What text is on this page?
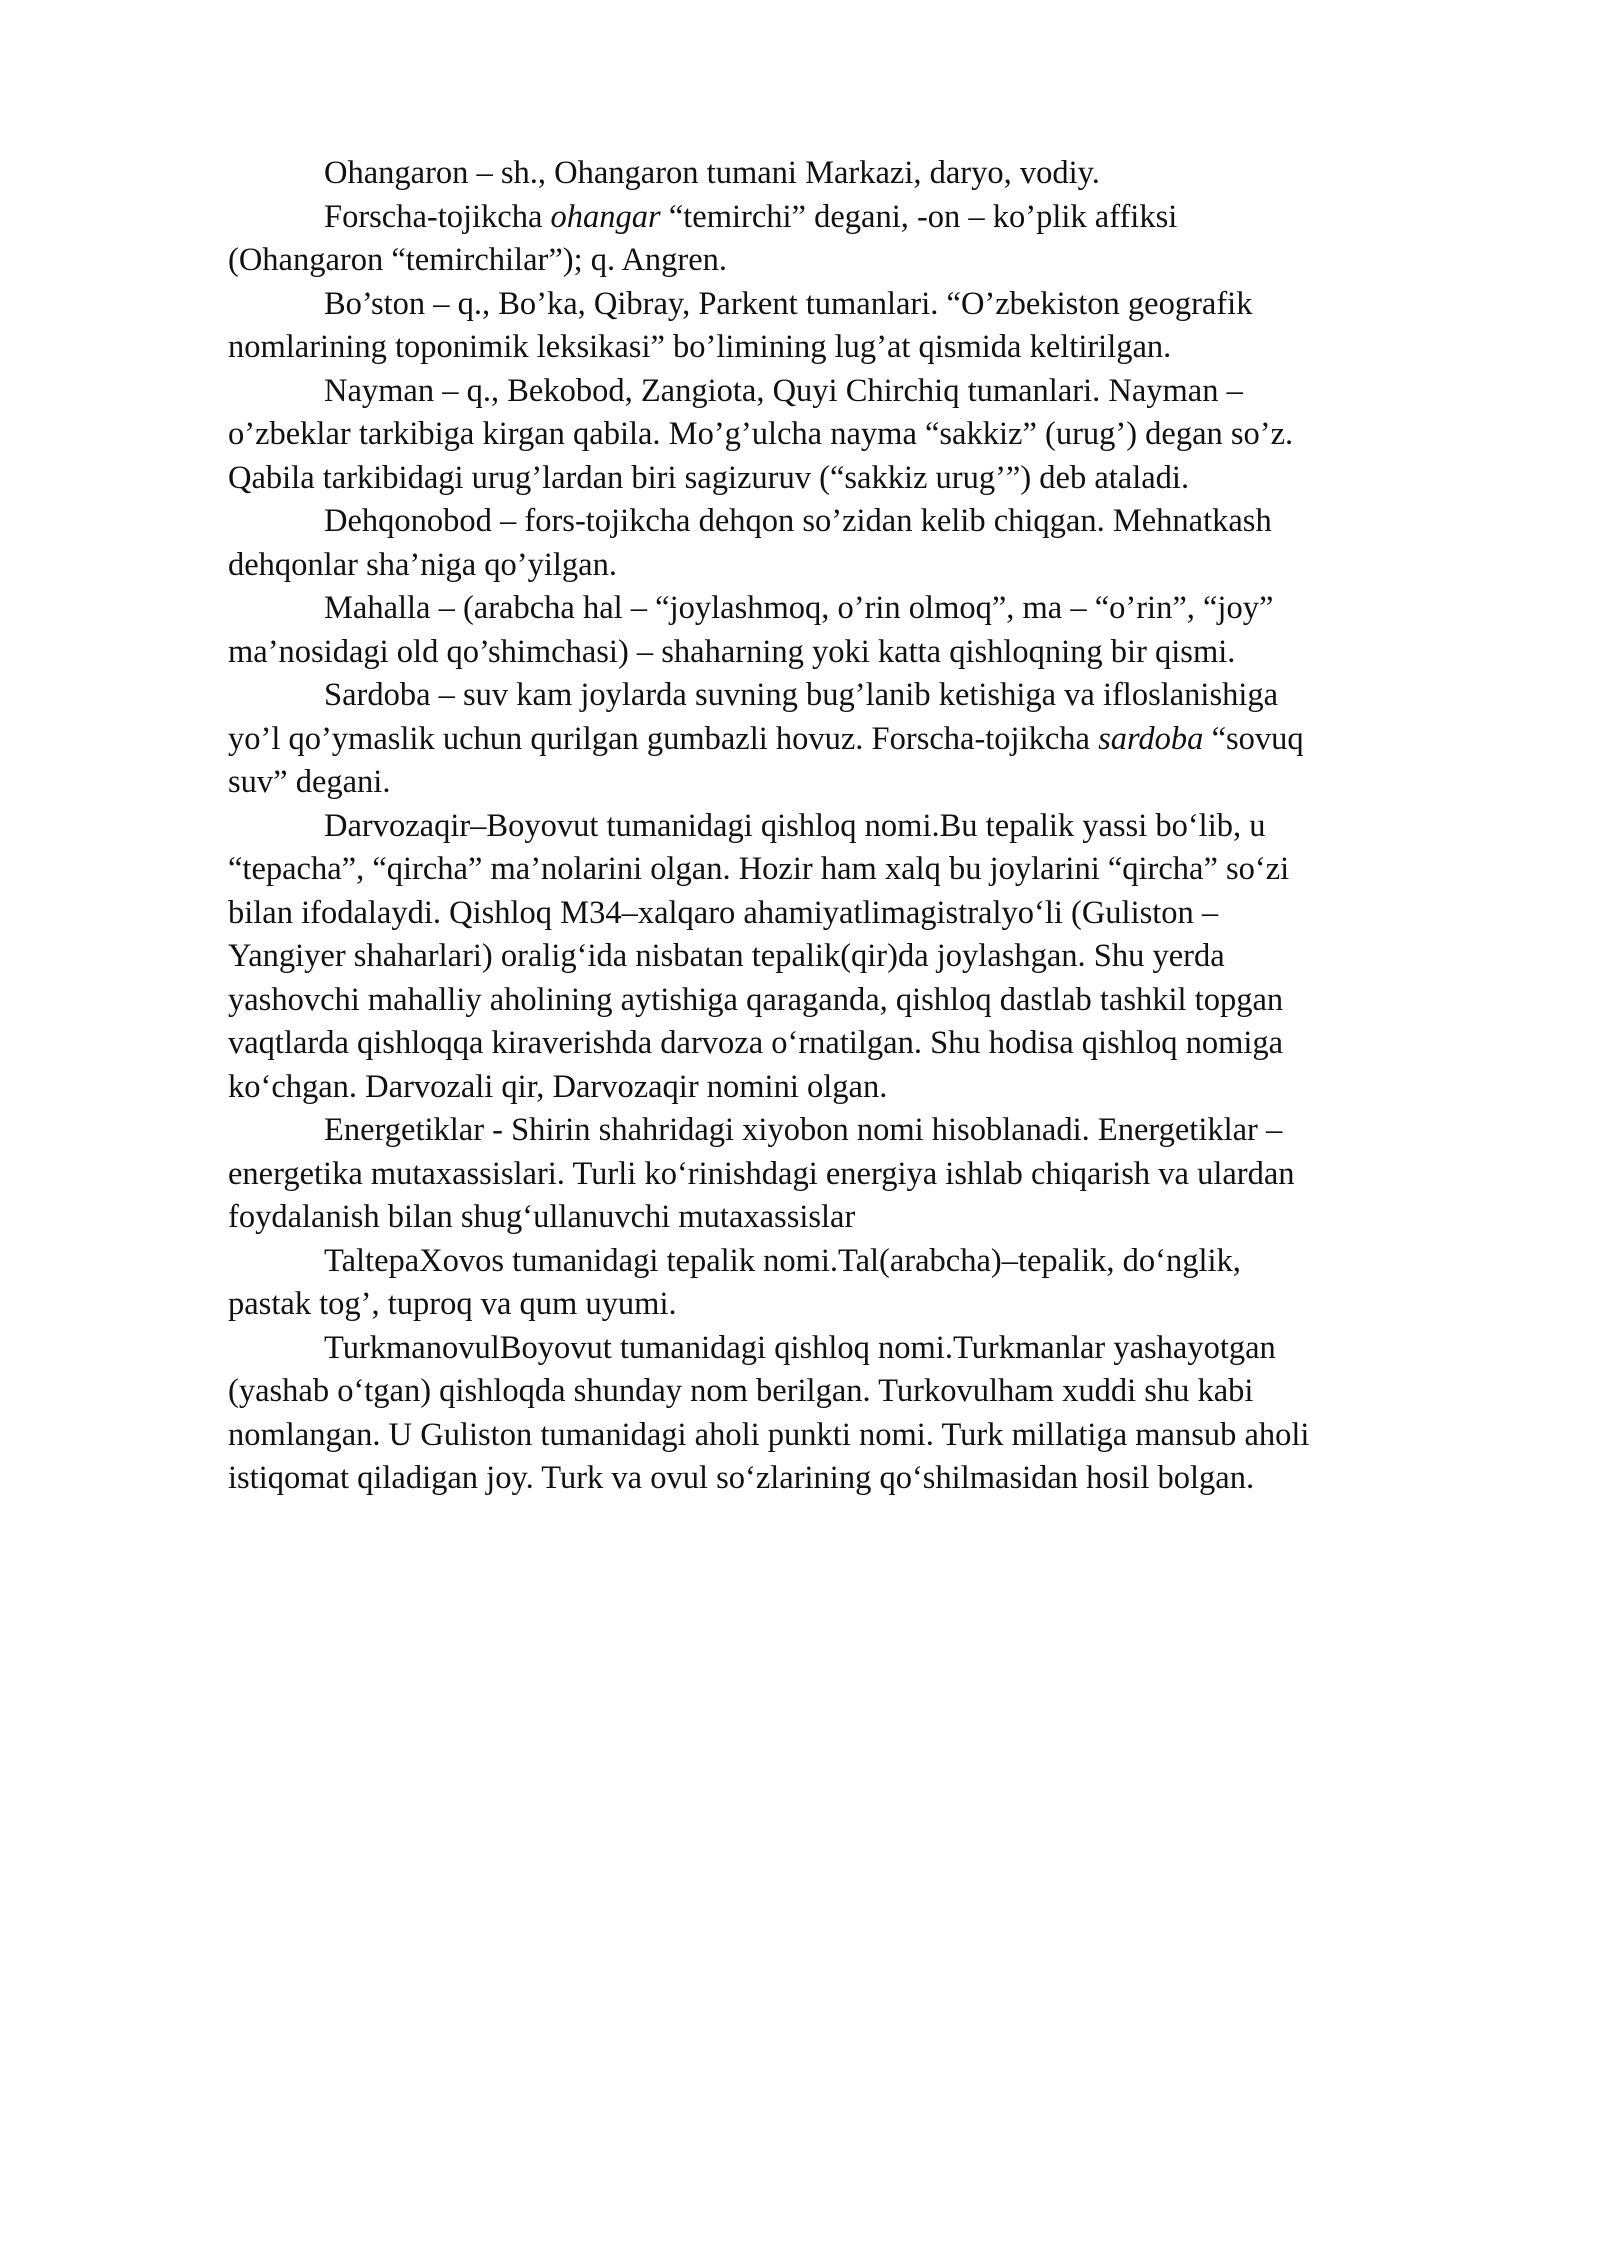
Ohangaron – sh., Ohangaron tumani Markazi, daryo, vodiy.

Forscha-tojikcha ohangar “temirchi” degani, -on – ko’plik affiksi
(Ohangaron “temirchilar”); q. Angren.

Bo’ston – q., Bo’ka, Qibray, Parkent tumanlari. “O’zbekiston geografik
nomlarining toponimik leksikasi” bo’limining lug’at qismida keltirilgan.

Nayman – q., Bekobod, Zangiota, Quyi Chirchiq tumanlari. Nayman –
o’zbeklar tarkibiga kirgan qabila. Mo’g’ulcha nayma “sakkiz” (urug’) degan so’z.
Qabila tarkibidagi urug’lardan biri sagizuruv (“sakkiz urug’”) deb ataladi.

Dehqonobod – fors-tojikcha dehqon so’zidan kelib chiqgan. Mehnatkash
dehqonlar sha’niga qo’yilgan.

Mahalla – (arabcha hal – “joylashmoq, o’rin olmoq”, ma – “o’rin”, “joy”
ma’nosidagi old qo’shimchasi) – shaharning yoki katta qishloqning bir qismi.

Sardoba – suv kam joylarda suvning bug’lanib ketishiga va ifloslanishiga
yo’l qo’ymaslik uchun qurilgan gumbazli hovuz. Forscha-tojikcha sardoba “sovuq
suv” degani.

Darvozaqir–Boyovut tumanidagi qishloq nomi.Bu tepalik yassi bo‘lib, u
“tepacha”, “qircha” ma’nolarini olgan. Hozir ham xalq bu joylarini “qircha” so‘zi
bilan ifodalaydi. Qishloq M34–xalqaro ahamiyatlimagistralyo‘li (Guliston –
Yangiyer shaharlari) oralig‘ida nisbatan tepalik(qir)da joylashgan. Shu yerda
yashovchi mahalliy aholining aytishiga qaraganda, qishloq dastlab tashkil topgan
vaqtlarda qishloqqa kiraverishda darvoza o‘rnatilgan. Shu hodisa qishloq nomiga
ko‘chgan. Darvozali qir, Darvozaqir nomini olgan.

Energetiklar - Shirin shahridagi xiyobon nomi hisoblanadi. Energetiklar –
energetika mutaxassislari. Turli ko‘rinishdagi energiya ishlab chiqarish va ulardan
foydalanish bilan shug‘ullanuvchi mutaxassislar

TaltepaXovos tumanidagi tepalik nomi.Tal(arabcha)–tepalik, do‘nglik,
pastak tog’, tuproq va qum uyumi.

TurkmanovulBoyovut tumanidagi qishloq nomi.Turkmanlar yashayotgan
(yashab o‘tgan) qishloqda shunday nom berilgan. Turkovulham xuddi shu kabi
nomlangan. U Guliston tumanidagi aholi punkti nomi. Turk millatiga mansub aholi
istiqomat qiladigan joy. Turk va ovul so‘zlarining qo‘shilmasidan hosil bolgan.
